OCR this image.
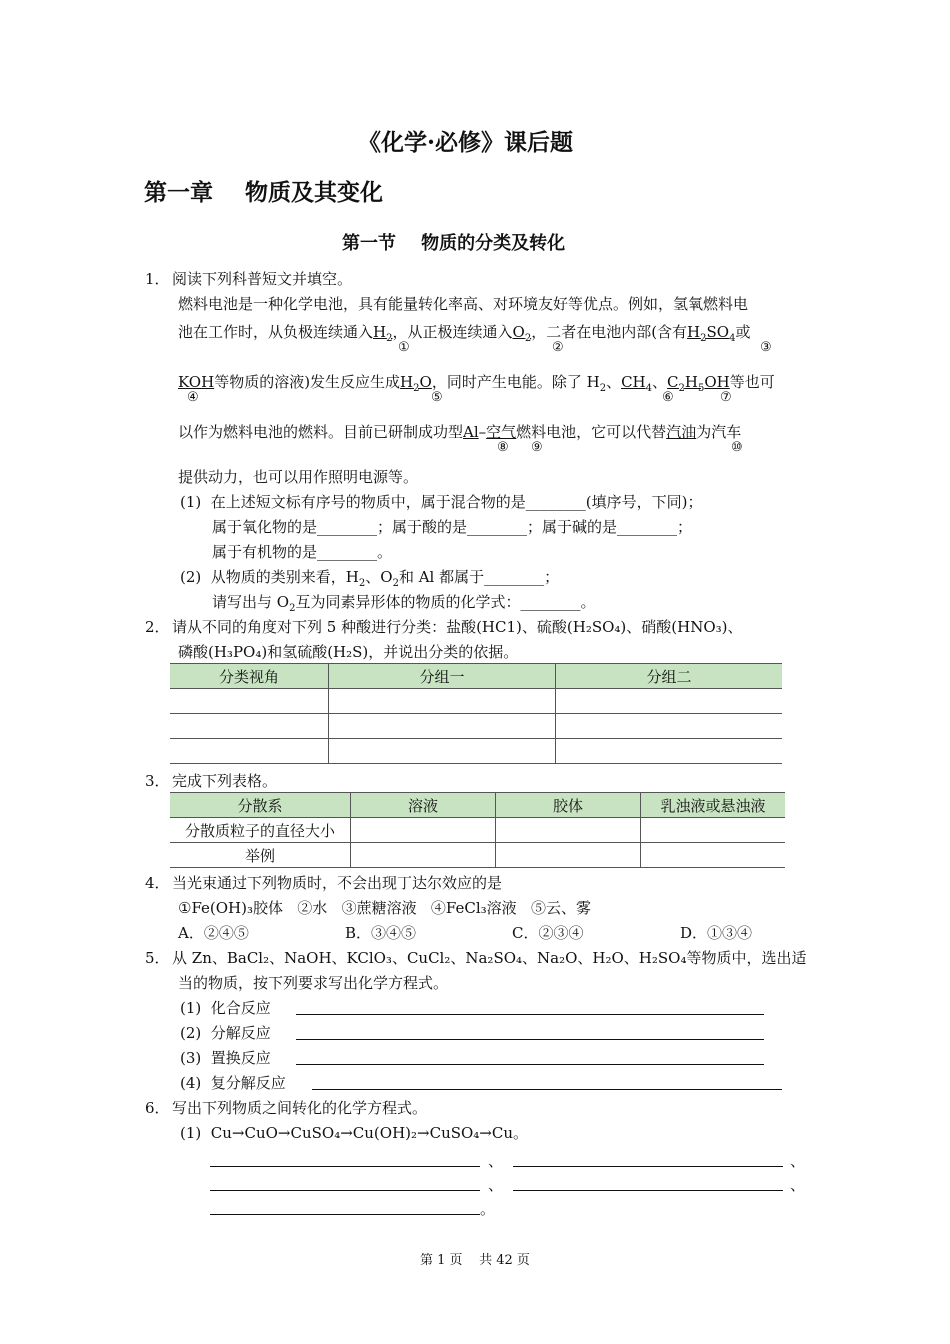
《化学·必修》课后题
第一章    物质及其变化
第一节    物质的分类及转化
1． 阅读下列科普短文并填空。
燃料电池是一种化学电池，具有能量转化率高、对环境友好等优点。例如，氢氧燃料电
池在工作时，从负极连续通入$H_2$，从正极连续通入$O_2$，二者在电池内部(含有$H_2SO_4$或
①	②	③
KOH等物质的溶液)发生反应生成$H_2O$，同时产生电能。除了 $H_2$、$CH_4$、$C_2H_5OH$等也可
④	⑤	⑥	⑦
以作为燃料电池的燃料。目前已研制成功型Al–空气燃料电池，它可以代替汽油为汽车
⑧ ⑨	⑩
提供动力，也可以用作照明电源等。
(1)  在上述短文标有序号的物质中，属于混合物的是________(填序号，下同)；
属于氧化物的是________；属于酸的是________；属于碱的是________；
属于有机物的是________。
(2)  从物质的类别来看，$H_2$、$O_2$和 Al 都属于________；
请写出与 $O_2$互为同素异形体的物质的化学式：________。
2． 请从不同的角度对下列 5 种酸进行分类：盐酸(HC1)、硫酸(H₂SO₄)、硝酸(HNO₃)、
磷酸(H₃PO₄)和氢硫酸(H₂S)，并说出分类的依据。
分类视角	分组一	分组二

3． 完成下列表格。
分散系	溶液	胶体	乳浊液或悬浊液
分散质粒子的直径大小			
举例			
4． 当光束通过下列物质时，不会出现丁达尔效应的是
①Fe(OH)₃胶体   ②水   ③蔗糖溶液   ④FeCl₃溶液   ⑤云、雾
A．②④⑤	B．③④⑤	C．②③④	D．①③④
5． 从 Zn、BaCl₂、NaOH、KClO₃、CuCl₂、Na₂SO₄、Na₂O、H₂O、H₂SO₄等物质中，选出适
当的物质，按下列要求写出化学方程式。
(1)  化合反应
(2)  分解反应
(3)  置换反应
(4)  复分解反应
6． 写出下列物质之间转化的化学方程式。
(1)  Cu→CuO→CuSO₄→Cu(OH)₂→CuSO₄→Cu。
、	、
、	、
。
第 1 页    共 42 页
